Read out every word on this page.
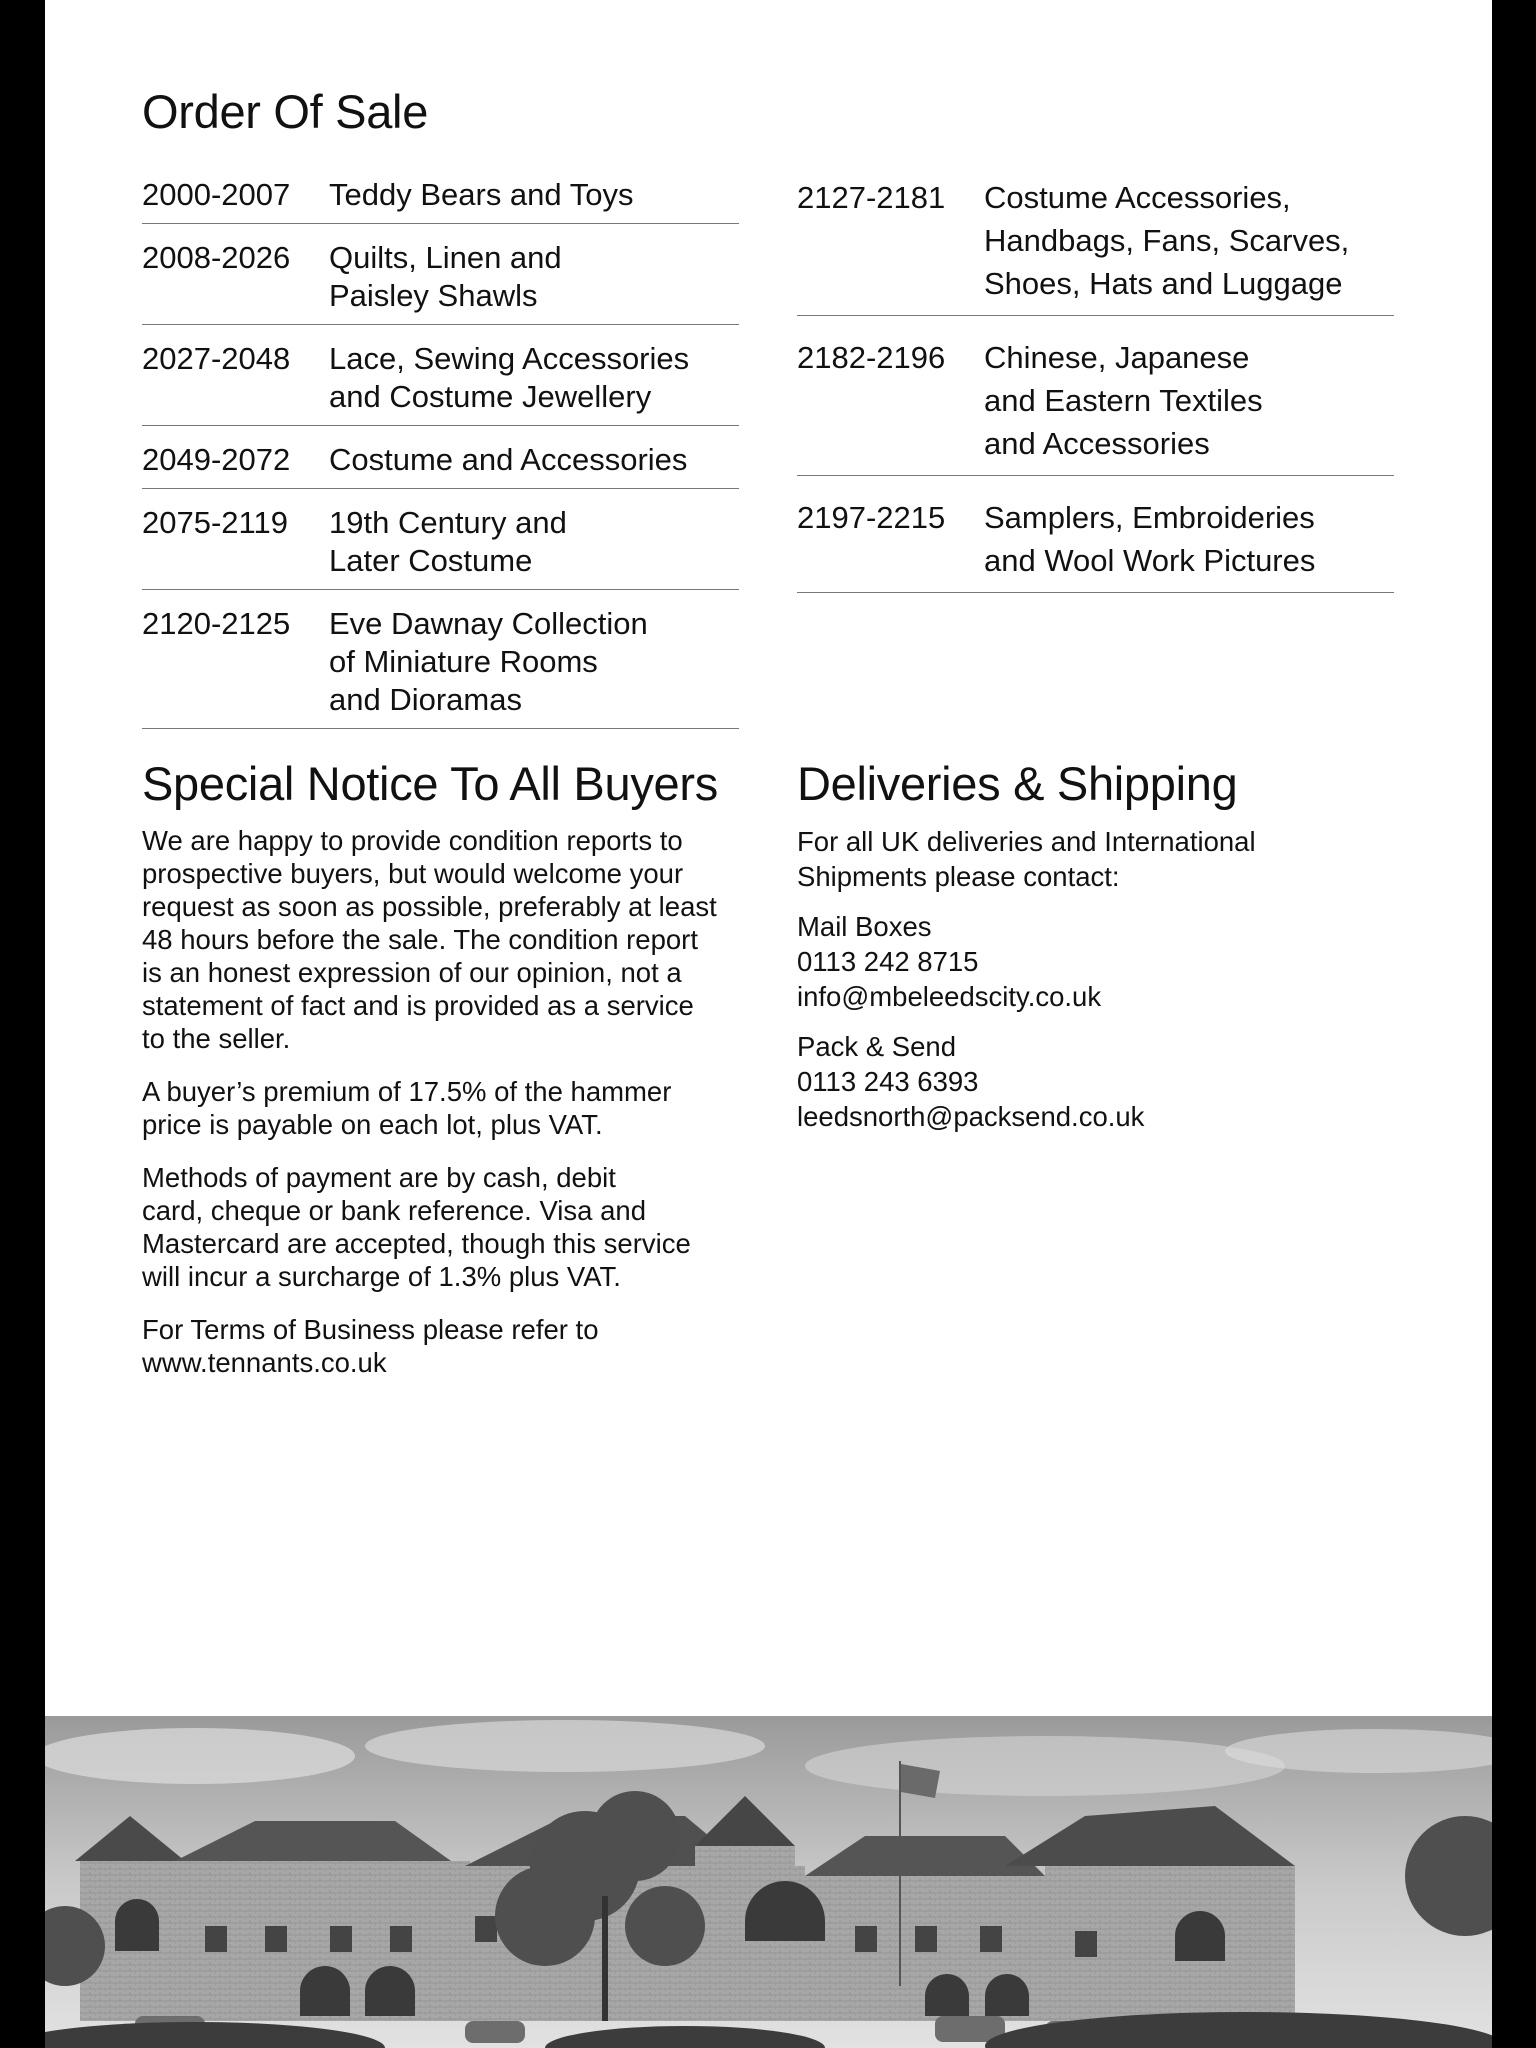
Order Of Sale
2000-2007	Teddy Bears and Toys
2008-2026	Quilts, Linen and
Paisley Shawls
2027-2048	Lace, Sewing Accessories
and Costume Jewellery
2049-2072	Costume and Accessories
2075-2119	19th Century and
Later Costume
2120-2125	Eve Dawnay Collection
of Miniature Rooms
and Dioramas
2127-2181	Costume Accessories,
Handbags, Fans, Scarves,
Shoes, Hats and Luggage
2182-2196	Chinese, Japanese
and Eastern Textiles
and Accessories
2197-2215	Samplers, Embroideries
and Wool Work Pictures
Special Notice To All Buyers

We are happy to provide condition reports to
prospective buyers, but would welcome your
request as soon as possible, preferably at least
48 hours before the sale. The condition report
is an honest expression of our opinion, not a
statement of fact and is provided as a service
to the seller.

A buyer’s premium of 17.5% of the hammer
price is payable on each lot, plus VAT.

Methods of payment are by cash, debit
card, cheque or bank reference. Visa and
Mastercard are accepted, though this service
will incur a surcharge of 1.3% plus VAT.

For Terms of Business please refer to
www.tennants.co.uk

Deliveries & Shipping

For all UK deliveries and International
Shipments please contact:

Mail Boxes
0113 242 8715
info@mbeleedscity.co.uk

Pack & Send
0113 243 6393
leedsnorth@packsend.co.uk
